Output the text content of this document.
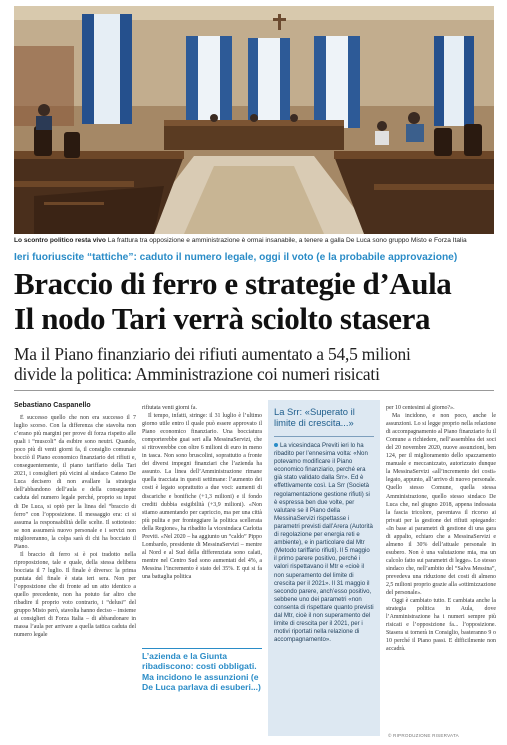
Lo scontro politico resta vivo La frattura tra opposizione e amministrazione è ormai insanabile, a tenere a galla De Luca sono gruppo Misto e Forza Italia
Ieri fuoriuscite “tattiche”: caduto il numero legale, oggi il voto (e la probabile approvazione)
Braccio di ferro e strategie d’Aula
Il nodo Tari verrà sciolto stasera
Ma il Piano finanziario dei rifiuti aumentato a 54,5 milioni
divide la politica: Amministrazione coi numeri risicati
Sebastiano Caspanello

È successo quello che non era successo il 7 luglio scorso. Con la differenza che stavolta non c’erano più margini per prove di forza rispetto alle quali i “muscoli” da esibire sono neutri. Quando, poco più di venti giorni fa, il consiglio comunale bocciò il Piano economico finanziario dei rifiuti e, conseguentemente, il piano tariffario della Tari 2021, i consiglieri più vicini al sindaco Cateno De Luca decisero di non avallare la strategia dell’abbandono dell’aula e della conseguente caduta del numero legale perché, proprio su input di De Luca, si optò per la linea del “braccio di ferro” con l’opposizione. Il messaggio era: ci si assuma la responsabilità delle scelte. Il sottotesto: se non assumerà nuovo personale e i servizi non miglioreranno, la colpa sarà di chi ha bocciato il Piano.

Il braccio di ferro si è poi tradotto nella riproposizione, tale e quale, della stessa delibera bocciata il 7 luglio. Il finale è diverso: la prima puntata del finale è stata ieri sera. Non per l’opposizione che di fronte ad un atto identico a quello precedente, non ha potuto far altro che ribadire il proprio voto contrario, i “delusi” del gruppo Misto però, stavolta hanno deciso – insieme ai consiglieri di Forza Italia – di abbandonare in massa l’aula per arrivare a quella tattica caduta del numero legale

rifiutata venti giorni fa.

Il tempo, infatti, stringe: il 31 luglio è l’ultimo giorno utile entro il quale può essere approvato il Piano economico finanziario. Una bocciatura comporterebbe guai seri alla MessinaServizi, che si ritroverebbe con oltre 6 milioni di euro in meno in tasca. Non sono bruscolini, soprattutto a fronte dei diversi impegni finanziari che l’azienda ha assunto. La linea dell’Amministrazione rimane quella tracciata in questi settimane: l’aumento dei costi è legato soprattutto a due voci: aumenti di discariche e bonifiche (+1,3 milioni) e il fondo crediti dubbia esigibilità (+3,9 milioni). «Non stiamo aumentando per capriccio, ma per una città più pulita e per fronteggiare la politica scellerata della Regione», ha ribadito la vicesindaca Carlotta Previti. «Nel 2020 – ha aggiunto un “caldo” Pippo Lombardo, presidente di MessinaServizi – mentre al Nord e al Sud della differenziata sono calati, mentre nel Centro Sud sono aumentati del 4%, a Messina l’incremento è stato del 35%. E qui si fa una battaglia politica

L’azienda e la Giunta ribadiscono: costi obbligati. Ma incidono le assunzioni (e De Luca parlava di esuberi...)
La Srr: «Superato il limite di crescita...»
La vicesindaca Previti ieri lo ha ribadito per l’ennesima volta: «Non potevamo modificare il Piano economico finanziario, perché era già stato validato dalla Srr». Ed è effettivamente così. La Srr (Società regolamentazione gestione rifiuti) si è espressa ben due volte, per valutare se il Piano della MessinaServizi rispettasse i parametri previsti dall’Arera (Autorità di regolazione per energia reti e ambiente), e in particolare dal Mtr (Metodo tariffario rifiuti). Il 5 maggio il primo parere positivo, perché i valori rispettavano il Mtr e «cioè il non superamento del limite di crescita per il 2021». Il 31 maggio il secondo parere, anch’esso positivo, sebbene uno dei parametri «non consenta di rispettare quanto previsti dal Mtr, cioè il non superamento del limite di crescita per il 2021, per i motivi riportati nella relazione di accompagnamento».

per 10 centesimi al giorno?».

Ma incidono, e non poco, anche le assunzioni. Lo si legge proprio nella relazione di accompagnamento al Piano finanziario fu il Comune a richiedere, nell’assemblea dei soci del 20 novembre 2020, nuove assunzioni, ben 124, per il miglioramento dello spazzamento manuale e meccanizzato, autorizzato dunque la MessinaServizi «all’incremento dei costi» legato, appunto, all’arrivo di nuovo personale. Quello stesso Comune, quella stessa Amministrazione, quello stesso sindaco De Luca che, nel giugno 2018, appena indossata la fascia tricolore, paventava il ricorso ai privati per la gestione dei rifiuti spiegando: «In base ai parametri di gestione di una gara di appalto, echiaro che a MessinaServizi e almeno il 30% dell’attuale personale in esubero. Non è una valutazione mia, ma un calcolo fatto sui parametri di legge». Lo stesso sindaco che, nell’ambito del “Salva Messina”, prevedeva una riduzione dei costi di almeno 2,5 milioni proprio grazie alla «ottimizzazione del personale».

Oggi è cambiato tutto. E cambiata anche la strategia politica in Aula, dove l’Amministrazione ha i numeri sempre più risicati e l’opposizione fa... l’opposizione. Stasera si tornerà in Consiglio, basteranno 9 o 10 perché il Piano passi. E difficilmente non accadrà.

© RIPRODUZIONE RISERVATA
